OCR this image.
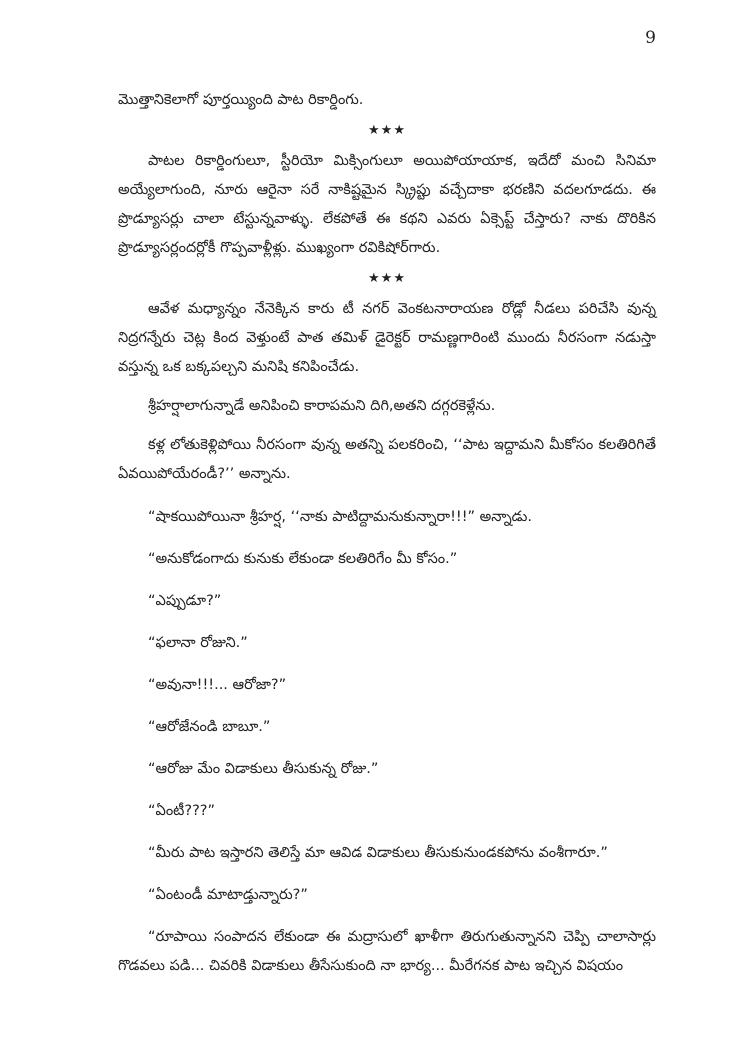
9

మొత్తానికెలాగో పూర్తయ్యింది పాట రికార్డింగు.

★★★

పాటల రికార్డింగులూ, స్టీరియో మిక్సింగులూ అయిపోయాయాక, ఇదేదో మంచి సినిమా అయ్యేలాగుంది, నూరు ఆరైనా సరే నాకిష్టమైన స్క్రిప్టు వచ్చేదాకా భరణిని వదలగూడదు. ఈ ప్రొడ్యూసర్లు చాలా టేస్టున్నవాళ్ళు. లేకపోతే ఈ కథని ఎవరు ఏక్సెప్ట్ చేస్తారు? నాకు దొరికిన ప్రొడ్యూసర్లందర్లోకీ గొప్పవాళ్లీళ్లు. ముఖ్యంగా రవికిషోర్‌గారు.

★★★

ఆవేళ మధ్యాన్నం నేనెక్కిన కారు టీ నగర్ వెంకటనారాయణ రోడ్లో నీడలు పరిచేసి వున్న నిద్రగన్నేరు చెట్ల కింద వెళ్తుంటే పాత తమిళ్ డైరెక్టర్ రామణ్ణగారింటి ముందు నీరసంగా నడుస్తా వస్తున్న ఒక బక్కపల్చని మనిషి కనిపించేడు.

శ్రీహర్షాలాగున్నాడే అనిపించి కారాపమని దిగి,అతని దగ్గరకెళ్లేను.

కళ్ల లోతుకెళ్లిపోయి నీరసంగా వున్న అతన్ని పలకరించి, ‘‘పాట ఇద్దామని మీకోసం కలతిరిగితే ఏవయిపోయేరండీ?’’ అన్నాను.

“షాకయిపోయినా శ్రీహర్ష, ‘‘నాకు పాటిద్దామనుకున్నారా!!!” అన్నాడు.

“అనుకోడంగాదు కునుకు లేకుండా కలతిరిగేం మీ కోసం.”

“ఎప్పుడూ?”

“ఫలానా రోజుని.”

“అవునా!!!... ఆరోజా?”

“ఆరోజేనండి బాబూ.”

“ఆరోజు మేం విడాకులు తీసుకున్న రోజు.”

“ఏంటీ???”

“మీరు పాట ఇస్తారని తెలిస్తే మా ఆవిడ విడాకులు తీసుకునుండకపోను వంశీగారూ.”

“ఏంటండీ మాటాడ్తున్నారు?”

“రూపాయి సంపాదన లేకుండా ఈ మద్రాసులో ఖాళీగా తిరుగుతున్నానని చెప్పి చాలాసార్లు గొడవలు పడి... చివరికి విడాకులు తీసేసుకుంది నా భార్య... మీరేగనక పాట ఇచ్చిన విషయం
